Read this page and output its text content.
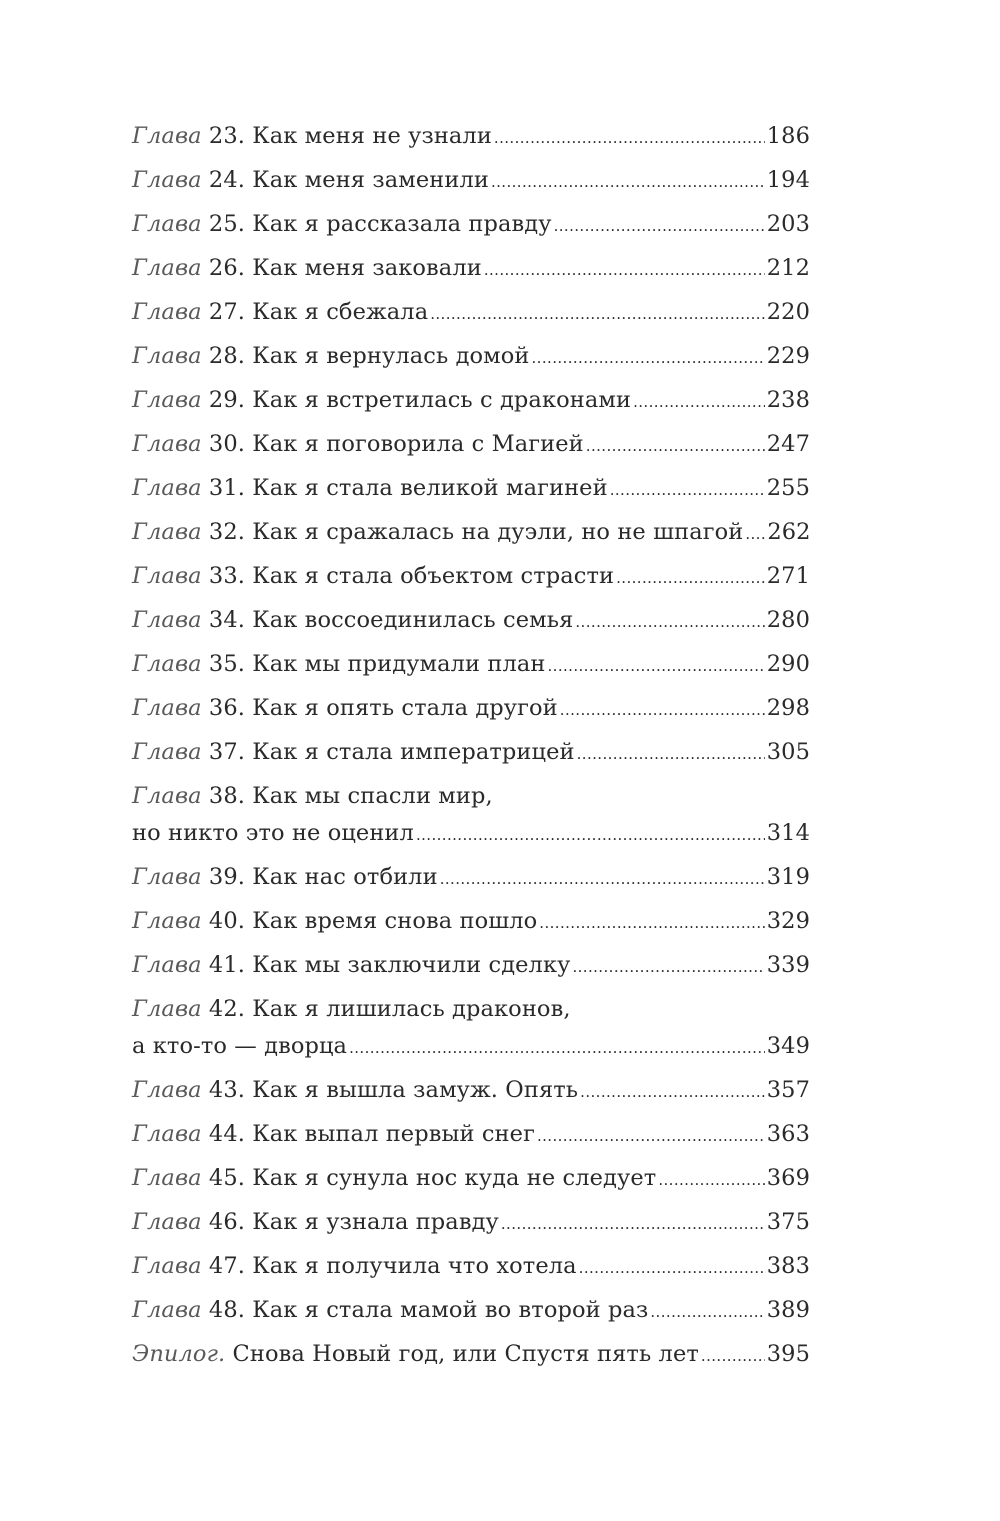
Глава 23. Как меня не узнали .....	186
Глава 24. Как меня заменили .....	194
Глава 25. Как я рассказала правду .....	203
Глава 26. Как меня заковали .....	212
Глава 27. Как я сбежала .....	220
Глава 28. Как я вернулась домой .....	229
Глава 29. Как я встретилась с драконами .....	238
Глава 30. Как я поговорила с Магией .....	247
Глава 31. Как я стала великой магиней .....	255
Глава 32. Как я сражалась на дуэли, но не шпагой ..... 262
Глава 33. Как я стала объектом страсти .....	271
Глава 34. Как воссоединилась семья .....	280
Глава 35. Как мы придумали план .....	290
Глава 36. Как я опять стала другой .....	298
Глава 37. Как я стала императрицей .....	305
Глава 38. Как мы спасли мир,
но никто это не оценил .....	314
Глава 39. Как нас отбили .....	319
Глава 40. Как время снова пошло .....	329
Глава 41. Как мы заключили сделку .....	339
Глава 42. Как я лишилась драконов,
а кто-то — дворца .....	349
Глава 43. Как я вышла замуж. Опять .....	357
Глава 44. Как выпал первый снег .....	363
Глава 45. Как я сунула нос куда не следует .....	369
Глава 46. Как я узнала правду .....	375
Глава 47. Как я получила что хотела .....	383
Глава 48. Как я стала мамой во второй раз .....	389
Эпилог. Снова Новый год, или Спустя пять лет .....	395
